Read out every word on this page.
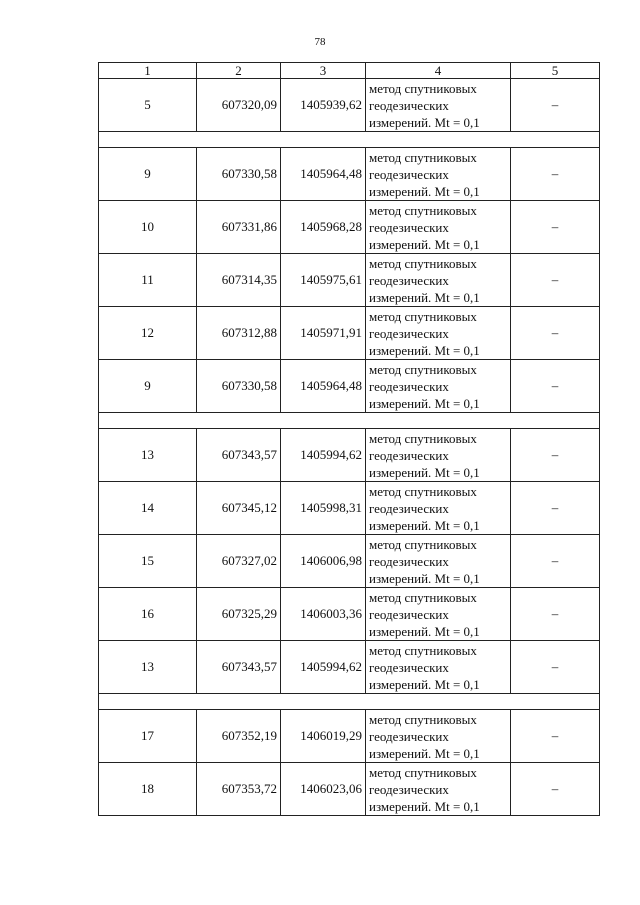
78
1	2	3	4	5
5	607320,09	1405939,62	метод спутниковых
геодезических
измерений. Mt = 0,1	–

9	607330,58	1405964,48	метод спутниковых
геодезических
измерений. Mt = 0,1	–
10	607331,86	1405968,28	метод спутниковых
геодезических
измерений. Mt = 0,1	–
11	607314,35	1405975,61	метод спутниковых
геодезических
измерений. Mt = 0,1	–
12	607312,88	1405971,91	метод спутниковых
геодезических
измерений. Mt = 0,1	–
9	607330,58	1405964,48	метод спутниковых
геодезических
измерений. Mt = 0,1	–

13	607343,57	1405994,62	метод спутниковых
геодезических
измерений. Mt = 0,1	–
14	607345,12	1405998,31	метод спутниковых
геодезических
измерений. Mt = 0,1	–
15	607327,02	1406006,98	метод спутниковых
геодезических
измерений. Mt = 0,1	–
16	607325,29	1406003,36	метод спутниковых
геодезических
измерений. Mt = 0,1	–
13	607343,57	1405994,62	метод спутниковых
геодезических
измерений. Mt = 0,1	–

17	607352,19	1406019,29	метод спутниковых
геодезических
измерений. Mt = 0,1	–
18	607353,72	1406023,06	метод спутниковых
геодезических
измерений. Mt = 0,1	–
